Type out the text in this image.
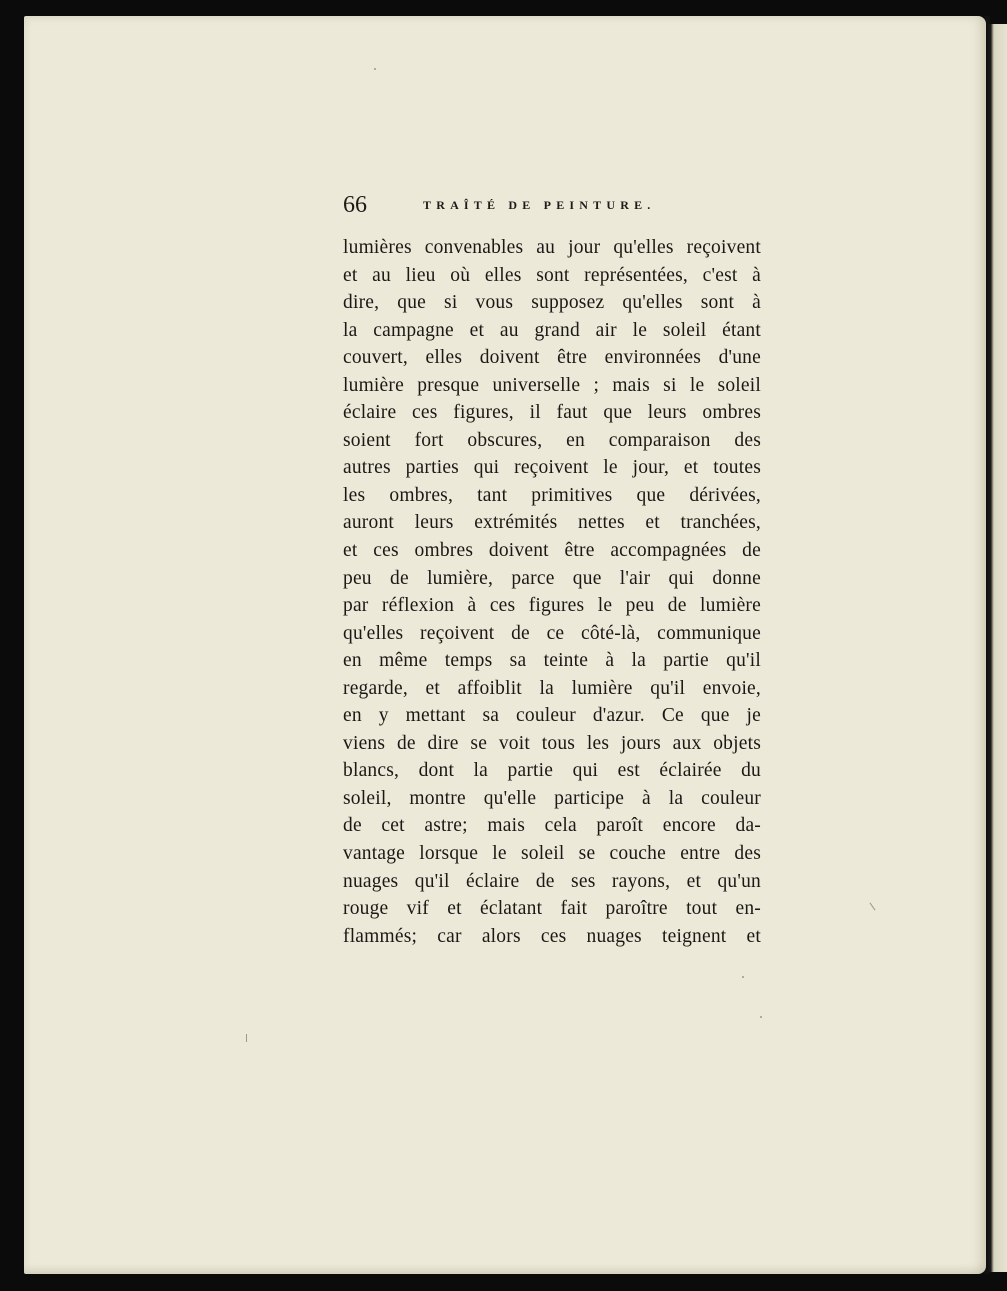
66	TRAÎTÉ DE PEINTURE.
lumières convenables au jour qu'elles reçoivent
et au lieu où elles sont représentées, c'est à
dire, que si vous supposez qu'elles sont à
la campagne et au grand air le soleil étant
couvert, elles doivent être environnées d'une
lumière presque universelle ; mais si le soleil
éclaire ces figures, il faut que leurs ombres
soient fort obscures, en comparaison des
autres parties qui reçoivent le jour, et toutes
les ombres, tant primitives que dérivées,
auront leurs extrémités nettes et tranchées,
et ces ombres doivent être accompagnées de
peu de lumière, parce que l'air qui donne
par réflexion à ces figures le peu de lumière
qu'elles reçoivent de ce côté-là, communique
en même temps sa teinte à la partie qu'il
regarde, et affoiblit la lumière qu'il envoie,
en y mettant sa couleur d'azur. Ce que je
viens de dire se voit tous les jours aux objets
blancs, dont la partie qui est éclairée du
soleil, montre qu'elle participe à la couleur
de cet astre; mais cela paroît encore da-
vantage lorsque le soleil se couche entre des
nuages qu'il éclaire de ses rayons, et qu'un
rouge vif et éclatant fait paroître tout en-
flammés; car alors ces nuages teignent et
